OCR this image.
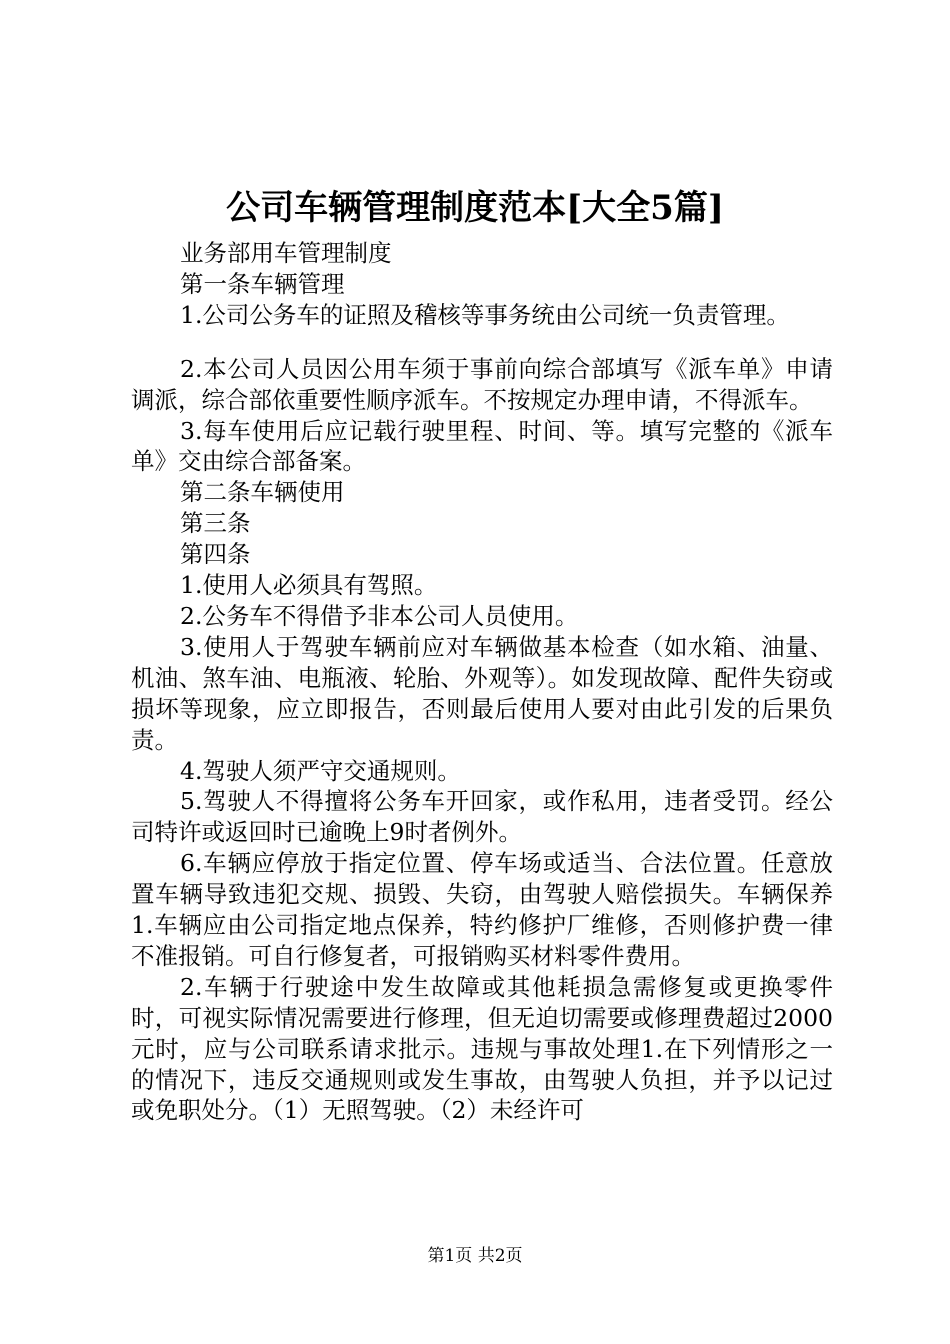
公司车辆管理制度范本[大全5篇]

业务部用车管理制度

第一条车辆管理

1.公司公务车的证照及稽核等事务统由公司统一负责管理。

2.本公司人员因公用车须于事前向综合部填写《派车单》申请调派，综合部依重要性顺序派车。不按规定办理申请，不得派车。

3.每车使用后应记载行驶里程、时间、等。填写完整的《派车单》交由综合部备案。

第二条车辆使用

第三条

第四条

1.使用人必须具有驾照。

2.公务车不得借予非本公司人员使用。

3.使用人于驾驶车辆前应对车辆做基本检查（如水箱、油量、机油、煞车油、电瓶液、轮胎、外观等）。如发现故障、配件失窃或损坏等现象，应立即报告，否则最后使用人要对由此引发的后果负责。

4.驾驶人须严守交通规则。

5.驾驶人不得擅将公务车开回家，或作私用，违者受罚。经公司特许或返回时已逾晚上9时者例外。

6.车辆应停放于指定位置、停车场或适当、合法位置。任意放置车辆导致违犯交规、损毁、失窃，由驾驶人赔偿损失。车辆保养1.车辆应由公司指定地点保养，特约修护厂维修，否则修护费一律不准报销。可自行修复者，可报销购买材料零件费用。

2.车辆于行驶途中发生故障或其他耗损急需修复或更换零件时，可视实际情况需要进行修理，但无迫切需要或修理费超过2000元时，应与公司联系请求批示。违规与事故处理1.在下列情形之一的情况下，违反交通规则或发生事故，由驾驶人负担，并予以记过或免职处分。（1）无照驾驶。（2）未经许可

第1页 共2页
